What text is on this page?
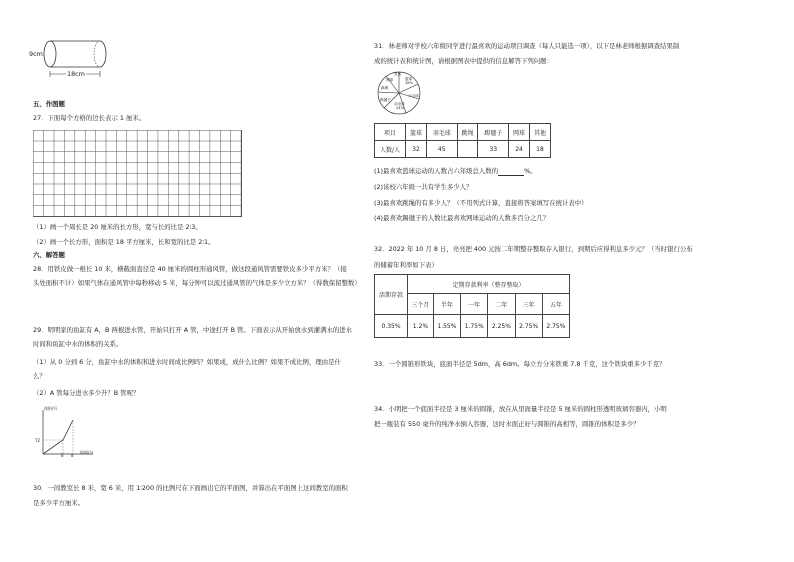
9cm
18cm
五、作图题
27．下面每个方格的边长表示 1 厘米。
（1）画一个周长是 20 厘米的长方形，宽与长的比是 2∶3。
（2）画一个长方形，面积是 18 平方厘米，长和宽的比是 2∶1。
六、解答题
28．用铁皮做一根长 10 米，横截面直径是 40 厘米的圆柱形通风管，做这段通风管需要铁皮多少平方米？（接
头处面积不计）如果气体在通风管中每秒移动 5 米，每分钟可以流过通风管的气体是多少立方米？（得数保留整数）
29．明明家的鱼缸有 A，B 两根进水管，开始只打开 A 管，中途打开 B 管。下面表示从开始放水到灌满水的进水
时间和鱼缸中水的体积的关系。
（1）从 0 分到 6 分，鱼缸中水的体积和进水时间成比例吗？如果成，成什么比例？如果不成比例，理由是什
么？
（2）A 管每分进水多少升？B 管呢？
体积/升
时间/分
72
6 8
30．一间教室长 8 米，宽 6 米，用 1∶200 的比例尺在下面画出它的平面图，并算出在平面图上这间教室的面积
是多少平方厘米。
31．林老师对学校六年级同学进行最喜欢的运动项目调查（每人只能选一项），以下是林老师根据调查结果制
成的统计表和统计图，请根据图表中提供的信息解答下列问题：
其他
篮球
16%
跳绳
网球
乒乓球
踢毽子
羽毛球
24%
项目	篮球	羽毛球	跳绳	踢毽子	网球	其他
人数/人	32	45		33	24	18
(1)最喜欢篮球运动的人数占六年级总人数的	%。
(2)该校六年级一共有学生多少人？
(3)最喜欢跳绳的有多少人？（不用列式计算，直接将答案填写在统计表中）
(4)最喜欢踢毽子的人数比最喜欢网球运动的人数多百分之几？
32．2022 年 10 月 8 日，亮亮把 400 元按二年期整存整取存入银行，到期后应得利息多少元？（当时银行公布
的储蓄年利率如下表）
活期存款	定期存款利率（整存整取）					
	三个月	半年	一年	二年	三年	五年
0.35%	1.2%	1.55%	1.75%	2.25%	2.75%	2.75%
33．一个圆锥形铁块，底面半径是 5dm，高 6dm。每立方分米铁重 7.8 千克，这个铁块重多少千克？
34．小明把一个底面半径是 3 厘米的圆锥，放在从里面量半径是 5 厘米的圆柱形透明玻璃容器内，小明
把一瓶装有 550 毫升的纯净水倒入容器，这时水面正好与圆锥的高相等，圆锥的体积是多少？
